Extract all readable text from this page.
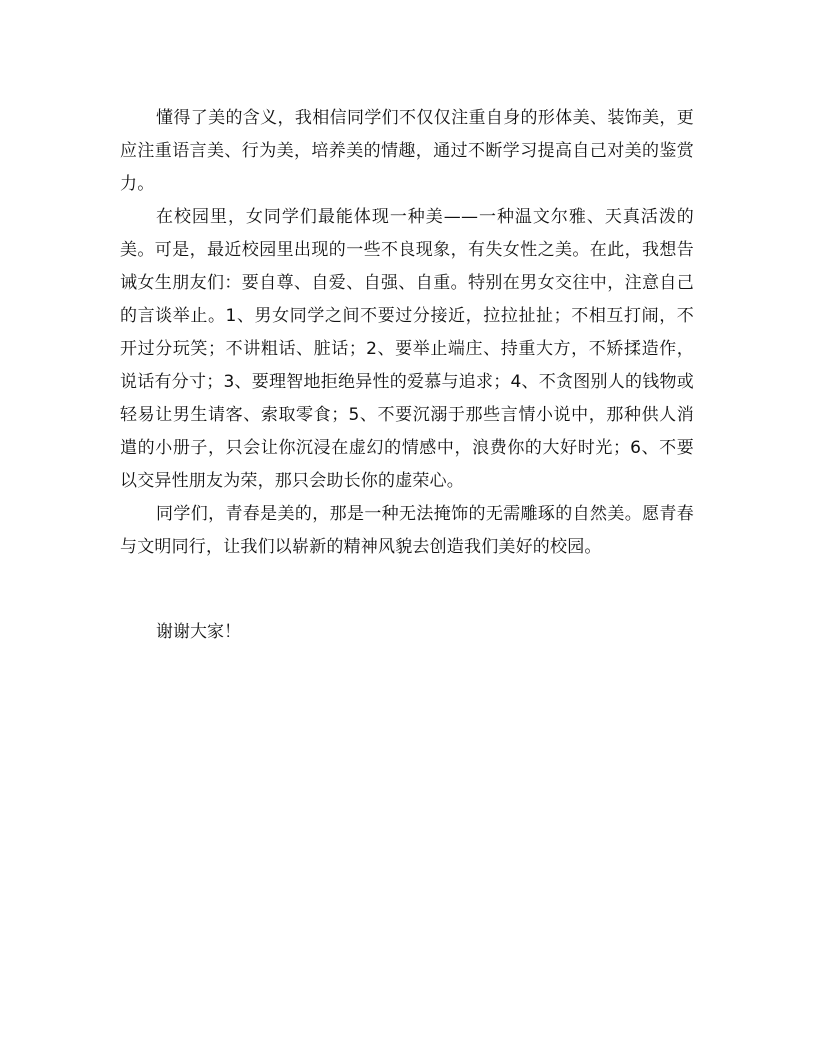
懂得了美的含义，我相信同学们不仅仅注重自身的形体美、装饰美，更应注重语言美、行为美，培养美的情趣，通过不断学习提高自己对美的鉴赏力。

在校园里，女同学们最能体现一种美——一种温文尔雅、天真活泼的美。可是，最近校园里出现的一些不良现象，有失女性之美。在此，我想告诫女生朋友们：要自尊、自爱、自强、自重。特别在男女交往中，注意自己的言谈举止。1、男女同学之间不要过分接近，拉拉扯扯；不相互打闹，不开过分玩笑；不讲粗话、脏话；2、要举止端庄、持重大方，不矫揉造作，说话有分寸；3、要理智地拒绝异性的爱慕与追求；4、不贪图别人的钱物或轻易让男生请客、索取零食；5、不要沉溺于那些言情小说中，那种供人消遣的小册子，只会让你沉浸在虚幻的情感中，浪费你的大好时光；6、不要以交异性朋友为荣，那只会助长你的虚荣心。

同学们，青春是美的，那是一种无法掩饰的无需雕琢的自然美。愿青春与文明同行，让我们以崭新的精神风貌去创造我们美好的校园。

谢谢大家！
